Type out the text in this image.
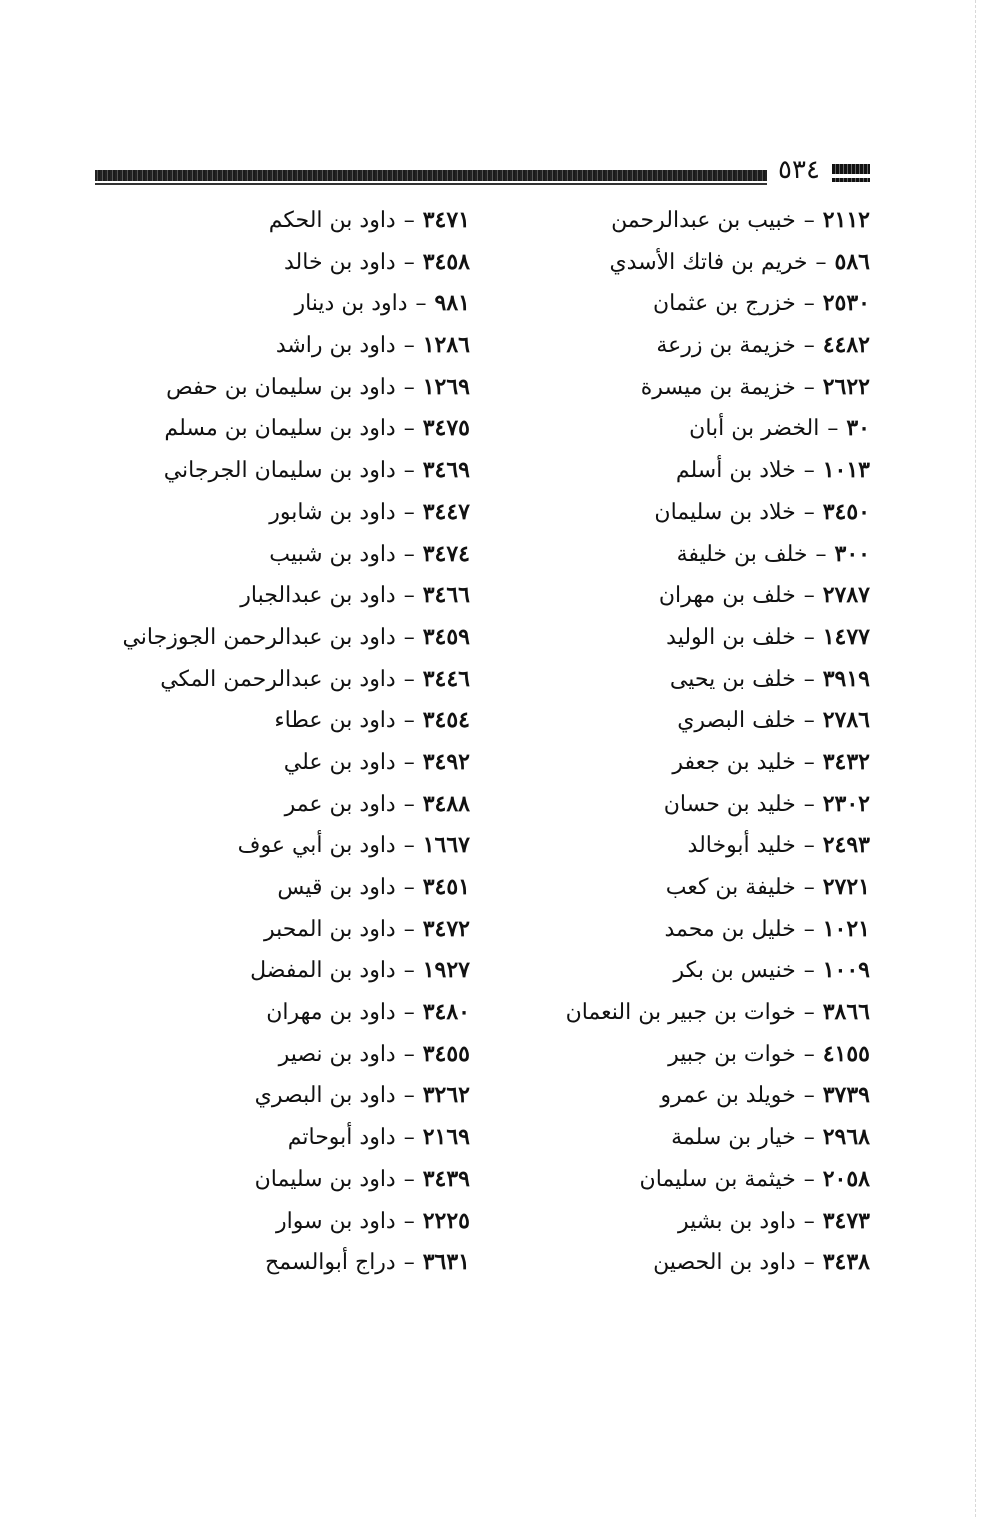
٥٣٤
٢١١٢
–
خبيب بن عبدالرحمن
٥٨٦
–
خريم بن فاتك الأسدي
٢٥٣٠
–
خزرج بن عثمان
٤٤٨٢
–
خزيمة بن زرعة
٢٦٢٢
–
خزيمة بن ميسرة
٣٠
–
الخضر بن أبان
١٠١٣
–
خلاد بن أسلم
٣٤٥٠
–
خلاد بن سليمان
٣٠٠
–
خلف بن خليفة
٢٧٨٧
–
خلف بن مهران
١٤٧٧
–
خلف بن الوليد
٣٩١٩
–
خلف بن يحيى
٢٧٨٦
–
خلف البصري
٣٤٣٢
–
خليد بن جعفر
٢٣٠٢
–
خليد بن حسان
٢٤٩٣
–
خليد أبوخالد
٢٧٢١
–
خليفة بن كعب
١٠٢١
–
خليل بن محمد
١٠٠٩
–
خنيس بن بكر
٣٨٦٦
–
خوات بن جبير بن النعمان
٤١٥٥
–
خوات بن جبير
٣٧٣٩
–
خويلد بن عمرو
٢٩٦٨
–
خيار بن سلمة
٢٠٥٨
–
خيثمة بن سليمان
٣٤٧٣
–
داود بن بشير
٣٤٣٨
–
داود بن الحصين
٣٤٧١
–
داود بن الحكم
٣٤٥٨
–
داود بن خالد
٩٨١
–
داود بن دينار
١٢٨٦
–
داود بن راشد
١٢٦٩
–
داود بن سليمان بن حفص
٣٤٧٥
–
داود بن سليمان بن مسلم
٣٤٦٩
–
داود بن سليمان الجرجاني
٣٤٤٧
–
داود بن شابور
٣٤٧٤
–
داود بن شبيب
٣٤٦٦
–
داود بن عبدالجبار
٣٤٥٩
–
داود بن عبدالرحمن الجوزجاني
٣٤٤٦
–
داود بن عبدالرحمن المكي
٣٤٥٤
–
داود بن عطاء
٣٤٩٢
–
داود بن علي
٣٤٨٨
–
داود بن عمر
١٦٦٧
–
داود بن أبي عوف
٣٤٥١
–
داود بن قيس
٣٤٧٢
–
داود بن المحبر
١٩٢٧
–
داود بن المفضل
٣٤٨٠
–
داود بن مهران
٣٤٥٥
–
داود بن نصير
٣٢٦٢
–
داود بن البصري
٢١٦٩
–
داود أبوحاتم
٣٤٣٩
–
داود بن سليمان
٢٢٢٥
–
داود بن سوار
٣٦٣١
–
دراج أبوالسمح
